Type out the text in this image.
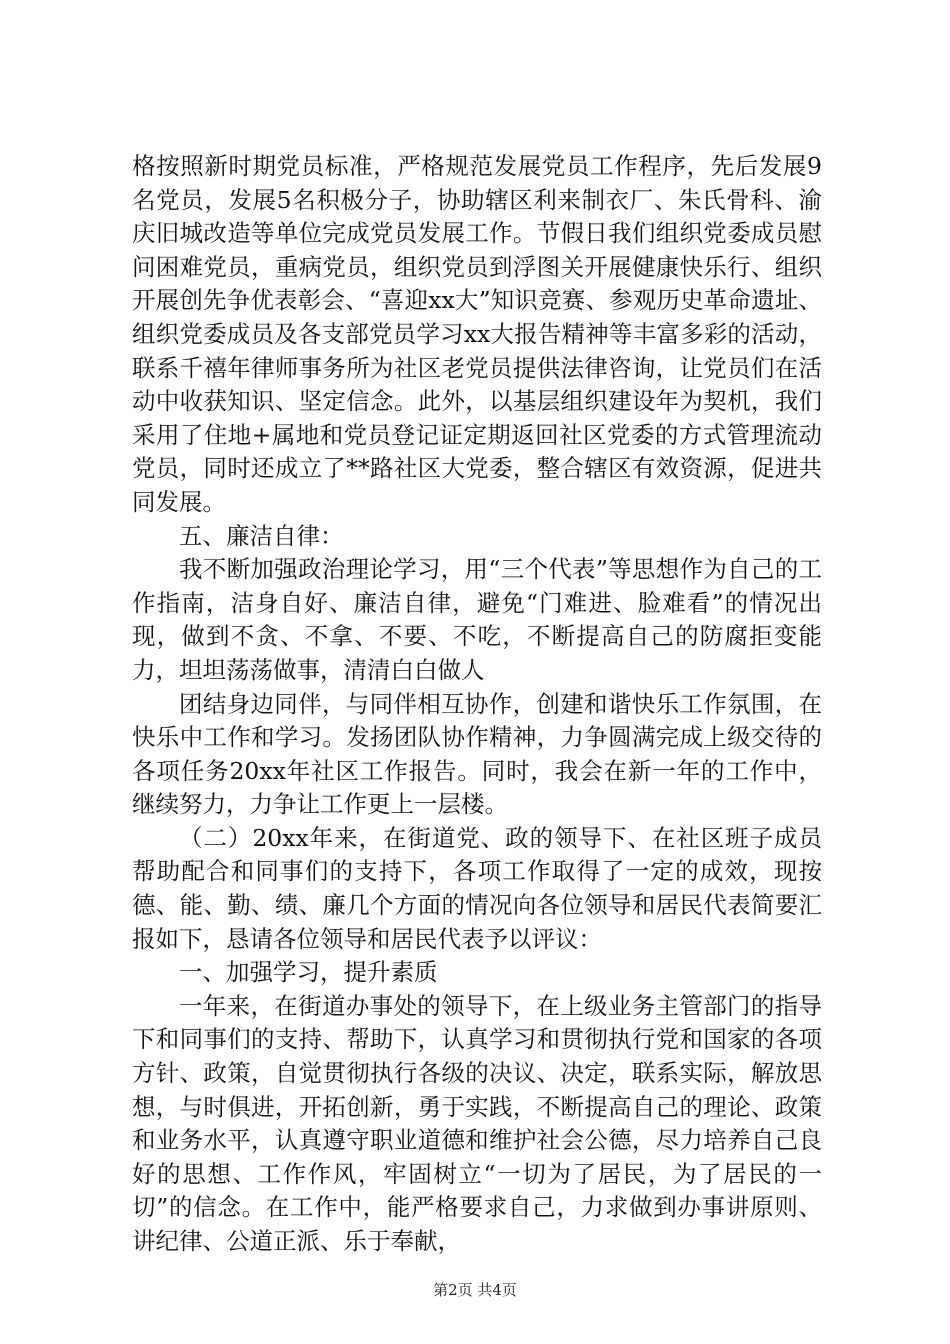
格按照新时期党员标准，严格规范发展党员工作程序，先后发展9名党员，发展5名积极分子，协助辖区利来制衣厂、朱氏骨科、渝庆旧城改造等单位完成党员发展工作。节假日我们组织党委成员慰问困难党员，重病党员，组织党员到浮图关开展健康快乐行、组织开展创先争优表彰会、“喜迎xx大”知识竞赛、参观历史革命遗址、组织党委成员及各支部党员学习xx大报告精神等丰富多彩的活动，联系千禧年律师事务所为社区老党员提供法律咨询，让党员们在活动中收获知识、坚定信念。此外，以基层组织建设年为契机，我们采用了住地+属地和党员登记证定期返回社区党委的方式管理流动党员，同时还成立了**路社区大党委，整合辖区有效资源，促进共同发展。

五、廉洁自律：

我不断加强政治理论学习，用“三个代表”等思想作为自己的工作指南，洁身自好、廉洁自律，避免“门难进、脸难看”的情况出现，做到不贪、不拿、不要、不吃，不断提高自己的防腐拒变能力，坦坦荡荡做事，清清白白做人

团结身边同伴，与同伴相互协作，创建和谐快乐工作氛围，在快乐中工作和学习。发扬团队协作精神，力争圆满完成上级交待的各项任务20xx年社区工作报告。同时，我会在新一年的工作中，继续努力，力争让工作更上一层楼。

（二）20xx年来，在街道党、政的领导下、在社区班子成员帮助配合和同事们的支持下，各项工作取得了一定的成效，现按德、能、勤、绩、廉几个方面的情况向各位领导和居民代表简要汇报如下，恳请各位领导和居民代表予以评议：

一、加强学习，提升素质

一年来，在街道办事处的领导下，在上级业务主管部门的指导下和同事们的支持、帮助下，认真学习和贯彻执行党和国家的各项方针、政策，自觉贯彻执行各级的决议、决定，联系实际，解放思想，与时俱进，开拓创新，勇于实践，不断提高自己的理论、政策和业务水平，认真遵守职业道德和维护社会公德，尽力培养自己良好的思想、工作作风，牢固树立“一切为了居民，为了居民的一切”的信念。在工作中，能严格要求自己，力求做到办事讲原则、讲纪律、公道正派、乐于奉献，

第2页 共4页
